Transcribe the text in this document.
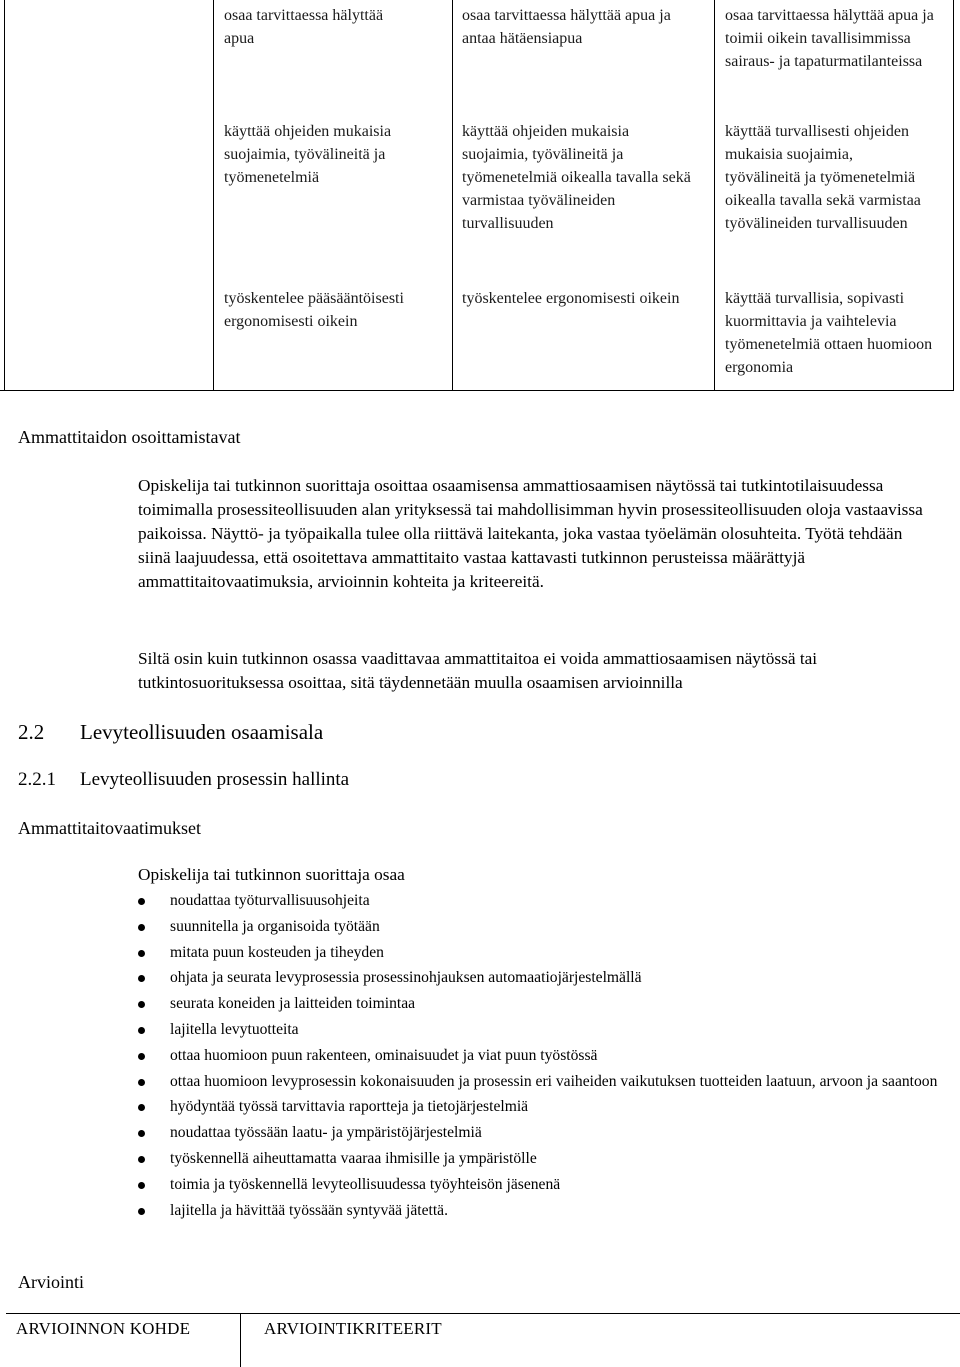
osaa tarvittaessa hälyttää apua
osaa tarvittaessa hälyttää apua ja antaa hätäensiapua
osaa tarvittaessa hälyttää apua ja toimii oikein tavallisimmissa sairaus- ja tapaturmatilanteissa
käyttää ohjeiden mukaisia suojaimia, työvälineitä ja työmenetelmiä
käyttää ohjeiden mukaisia suojaimia, työvälineitä ja työmenetelmiä oikealla tavalla sekä varmistaa työvälineiden turvallisuuden
käyttää turvallisesti ohjeiden mukaisia suojaimia, työvälineitä ja työmenetelmiä oikealla tavalla sekä varmistaa työvälineiden turvallisuuden
työskentelee pääsääntöisesti ergonomisesti oikein
työskentelee ergonomisesti oikein	käyttää turvallisia, sopivasti kuormittavia ja vaihtelevia työmenetelmiä ottaen huomioon ergonomia
Ammattitaidon osoittamistavat

Opiskelija tai tutkinnon suorittaja osoittaa osaamisensa ammattiosaamisen näytössä tai tutkintotilaisuudessa toimimalla prosessiteollisuuden alan yrityksessä tai mahdollisimman hyvin prosessiteollisuuden oloja vastaavissa paikoissa. Näyttö- ja työpaikalla tulee olla riittävä laitekanta, joka vastaa työelämän olosuhteita. Työtä tehdään siinä laajuudessa, että osoitettava ammattitaito vastaa kattavasti tutkinnon perusteissa määrättyjä ammattitaitovaatimuksia, arvioinnin kohteita ja kriteereitä.

Siltä osin kuin tutkinnon osassa vaadittavaa ammattitaitoa ei voida ammattiosaamisen näytössä tai tutkintosuorituksessa osoittaa, sitä täydennetään muulla osaamisen arvioinnilla

2.2 Levyteollisuuden osaamisala
2.2.1 Levyteollisuuden prosessin hallinta
Ammattitaitovaatimukset
Opiskelija tai tutkinnon suorittaja osaa
noudattaa työturvallisuusohjeita
suunnitella ja organisoida työtään
mitata puun kosteuden ja tiheyden
ohjata ja seurata levyprosessia prosessinohjauksen automaatiojärjestelmällä
seurata koneiden ja laitteiden toimintaa
lajitella levytuotteita
ottaa huomioon puun rakenteen, ominaisuudet ja viat puun työstössä
ottaa huomioon levyprosessin kokonaisuuden ja prosessin eri vaiheiden vaikutuksen tuotteiden laatuun, arvoon ja saantoon
hyödyntää työssä tarvittavia raportteja ja tietojärjestelmiä
noudattaa työssään laatu- ja ympäristöjärjestelmiä
työskennellä aiheuttamatta vaaraa ihmisille ja ympäristölle
toimia ja työskennellä levyteollisuudessa työyhteisön jäsenenä
lajitella ja hävittää työssään syntyvää jätettä.
Arviointi
ARVIOINNON KOHDE	ARVIOINTIKRITEERIT
